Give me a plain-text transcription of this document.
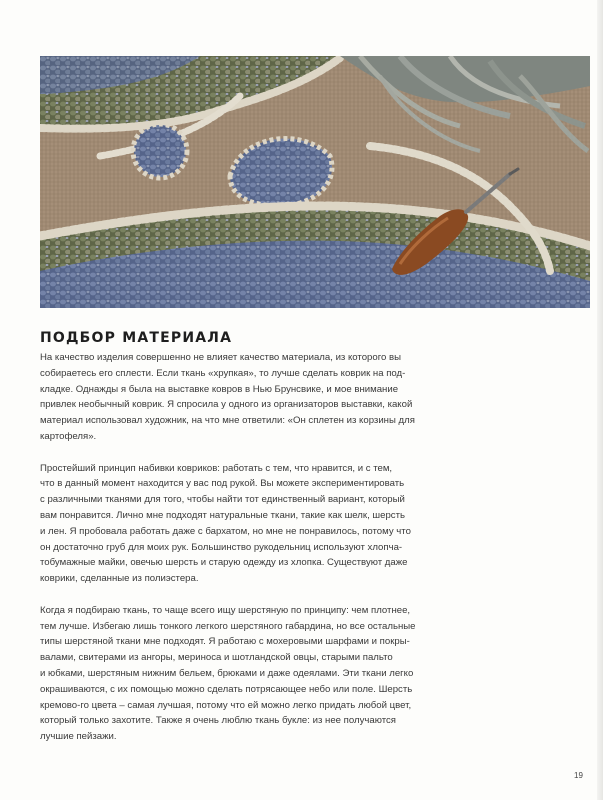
ПОДБОР МАТЕРИАЛА

На качество изделия совершенно не влияет качество материала, из которого вы
собираетесь его сплести. Если ткань «хрупкая», то лучше сделать коврик на под-
кладке. Однажды я была на выставке ковров в Нью Брунсвике, и мое внимание
привлек необычный коврик. Я спросила у одного из организаторов выставки, какой
материал использовал художник, на что мне ответили: «Он сплетен из корзины для
картофеля».

Простейший принцип набивки ковриков: работать с тем, что нравится, и с тем,
что в данный момент находится у вас под рукой. Вы можете экспериментировать
с различными тканями для того, чтобы найти тот единственный вариант, который
вам понравится. Лично мне подходят натуральные ткани, такие как шелк, шерсть
и лен. Я пробовала работать даже с бархатом, но мне не понравилось, потому что
он достаточно груб для моих рук. Большинство рукодельниц используют хлопча-
тобумажные майки, овечью шерсть и старую одежду из хлопка. Существуют даже
коврики, сделанные из полиэстера.

Когда я подбираю ткань, то чаще всего ищу шерстяную по принципу: чем плотнее,
тем лучше. Избегаю лишь тонкого легкого шерстяного габардина, но все остальные
типы шерстяной ткани мне подходят. Я работаю с мохеровыми шарфами и покры-
валами, свитерами из ангоры, мериноса и шотландской овцы, старыми пальто
и юбками, шерстяным нижним бельем, брюками и даже одеялами. Эти ткани легко
окрашиваются, с их помощью можно сделать потрясающее небо или поле. Шерсть
кремово-го цвета – самая лучшая, потому что ей можно легко придать любой цвет,
который только захотите. Также я очень люблю ткань букле: из нее получаются
лучшие пейзажи.

19
